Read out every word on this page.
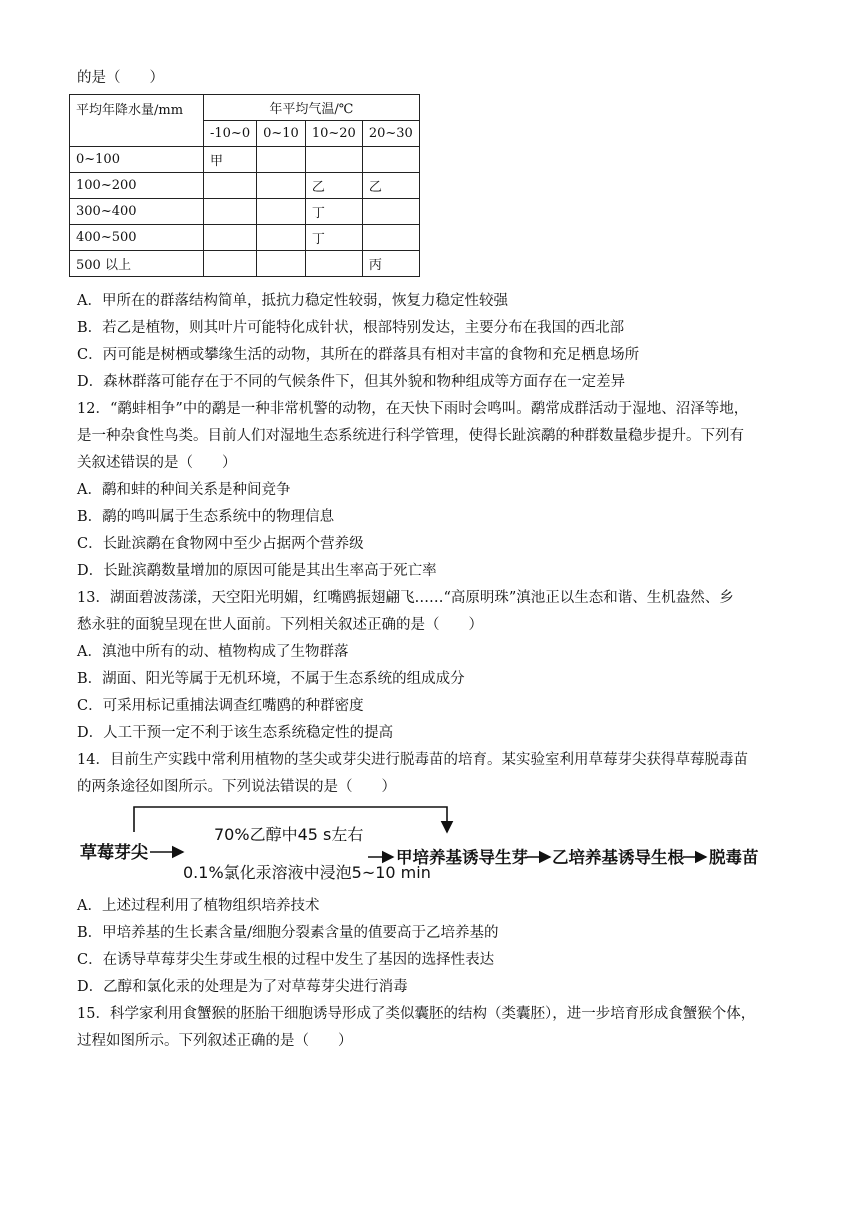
的是（　　）
平均年降水量/mm	年平均气温/℃			
	-10~0	0~10	10~20	20~30
0~100	甲			
100~200			乙	乙
300~400			丁	
400~500			丁	
500 以上				丙
A．甲所在的群落结构简单，抵抗力稳定性较弱，恢复力稳定性较强
B．若乙是植物，则其叶片可能特化成针状，根部特别发达，主要分布在我国的西北部
C．丙可能是树栖或攀缘生活的动物，其所在的群落具有相对丰富的食物和充足栖息场所
D．森林群落可能存在于不同的气候条件下，但其外貌和物种组成等方面存在一定差异
12．“鹬蚌相争”中的鹬是一种非常机警的动物，在天快下雨时会鸣叫。鹬常成群活动于湿地、沼泽等地，
是一种杂食性鸟类。目前人们对湿地生态系统进行科学管理，使得长趾滨鹬的种群数量稳步提升。下列有
关叙述错误的是（　　）
A．鹬和蚌的种间关系是种间竞争
B．鹬的鸣叫属于生态系统中的物理信息
C．长趾滨鹬在食物网中至少占据两个营养级
D．长趾滨鹬数量增加的原因可能是其出生率高于死亡率
13．湖面碧波荡漾，天空阳光明媚，红嘴鸥振翅翩飞……“高原明珠”滇池正以生态和谐、生机盎然、乡
愁永驻的面貌呈现在世人面前。下列相关叙述正确的是（　　）
A．滇池中所有的动、植物构成了生物群落
B．湖面、阳光等属于无机环境，不属于生态系统的组成成分
C．可采用标记重捕法调查红嘴鸥的种群密度
D．人工干预一定不利于该生态系统稳定性的提高
14．目前生产实践中常利用植物的茎尖或芽尖进行脱毒苗的培育。某实验室利用草莓芽尖获得草莓脱毒苗
的两条途径如图所示。下列说法错误的是（　　）
草莓芽尖
70%乙醇中45 s左右
0.1%氯化汞溶液中浸泡5~10 min
甲培养基诱导生芽 乙培养基诱导生根 脱毒苗
A．上述过程利用了植物组织培养技术
B．甲培养基的生长素含量/细胞分裂素含量的值要高于乙培养基的
C．在诱导草莓芽尖生芽或生根的过程中发生了基因的选择性表达
D．乙醇和氯化汞的处理是为了对草莓芽尖进行消毒
15．科学家利用食蟹猴的胚胎干细胞诱导形成了类似囊胚的结构（类囊胚），进一步培育形成食蟹猴个体，
过程如图所示。下列叙述正确的是（　　）
